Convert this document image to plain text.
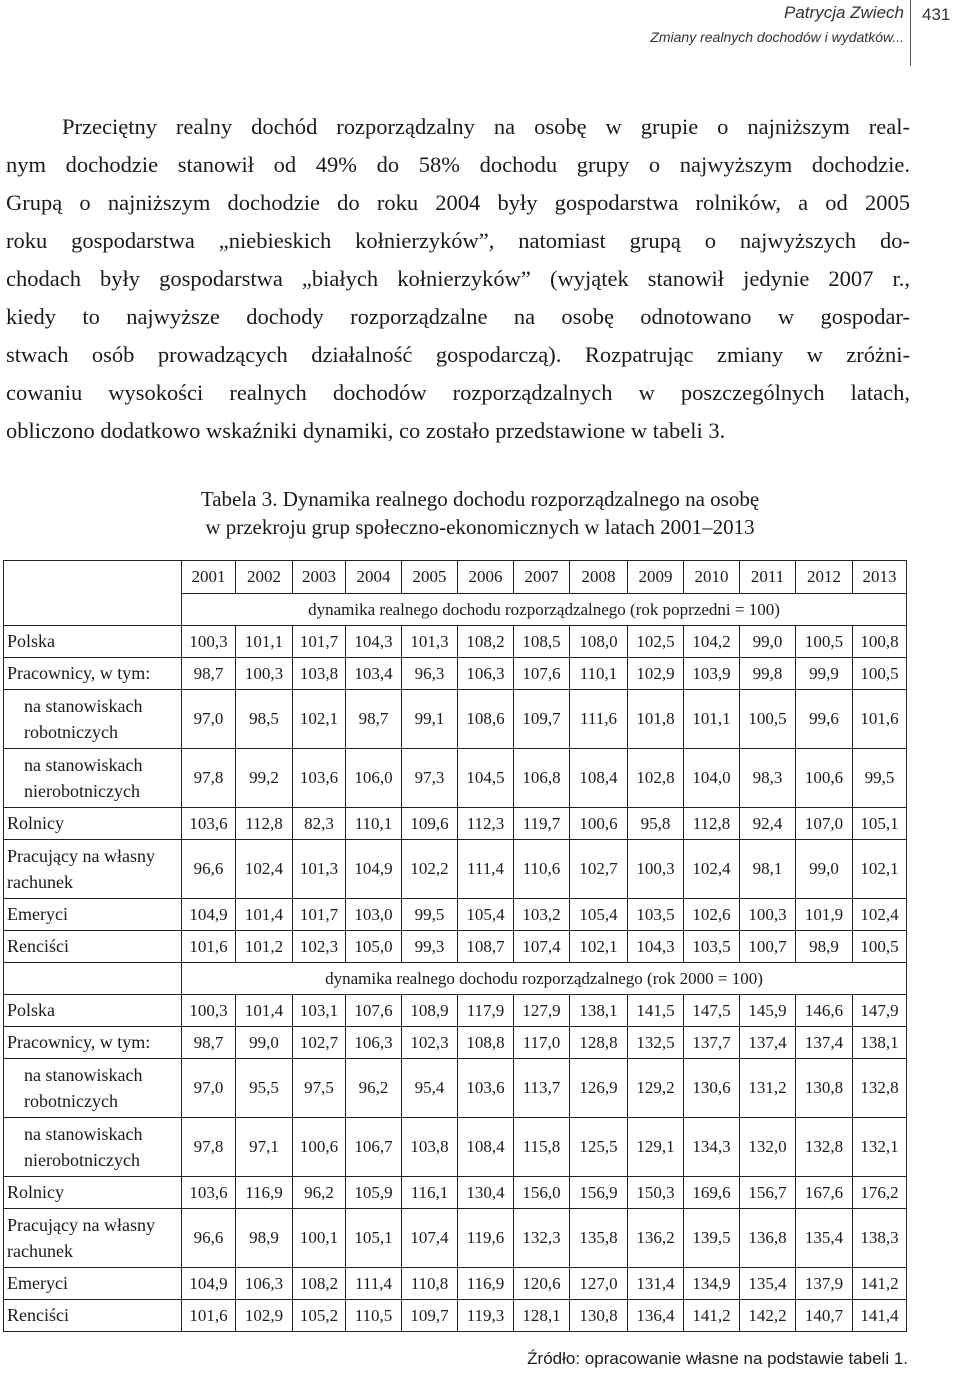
Patrycja Zwiech
Zmiany realnych dochodów i wydatków...
431
Przeciętny realny dochód rozporządzalny na osobę w grupie o najniższym real-
nym dochodzie stanowił od 49% do 58% dochodu grupy o najwyższym dochodzie.
Grupą o najniższym dochodzie do roku 2004 były gospodarstwa rolników, a od 2005
roku gospodarstwa „niebieskich kołnierzyków”, natomiast grupą o najwyższych do-
chodach były gospodarstwa „białych kołnierzyków” (wyjątek stanowił jedynie 2007 r.,
kiedy to najwyższe dochody rozporządzalne na osobę odnotowano w gospodar-
stwach osób prowadzących działalność gospodarczą). Rozpatrując zmiany w zróżni-
cowaniu wysokości realnych dochodów rozporządzalnych w poszczególnych latach,
obliczono dodatkowo wskaźniki dynamiki, co zostało przedstawione w tabeli 3.
Tabela 3. Dynamika realnego dochodu rozporządzalnego na osobę
w przekroju grup społeczno-ekonomicznych w latach 2001–2013
	2001	2002	2003	2004	2005	2006	2007	2008	2009	2010	2011	2012	2013
	dynamika realnego dochodu rozporządzalnego (rok poprzedni = 100)												
Polska	100,3	101,1	101,7	104,3	101,3	108,2	108,5	108,0	102,5	104,2	99,0	100,5	100,8
Pracownicy, w tym:	98,7	100,3	103,8	103,4	96,3	106,3	107,6	110,1	102,9	103,9	99,8	99,9	100,5
na stanowiskach robotniczych	97,0	98,5	102,1	98,7	99,1	108,6	109,7	111,6	101,8	101,1	100,5	99,6	101,6
na stanowiskach nierobotniczych	97,8	99,2	103,6	106,0	97,3	104,5	106,8	108,4	102,8	104,0	98,3	100,6	99,5
Rolnicy	103,6	112,8	82,3	110,1	109,6	112,3	119,7	100,6	95,8	112,8	92,4	107,0	105,1
Pracujący na własny rachunek	96,6	102,4	101,3	104,9	102,2	111,4	110,6	102,7	100,3	102,4	98,1	99,0	102,1
Emeryci	104,9	101,4	101,7	103,0	99,5	105,4	103,2	105,4	103,5	102,6	100,3	101,9	102,4
Renciści	101,6	101,2	102,3	105,0	99,3	108,7	107,4	102,1	104,3	103,5	100,7	98,9	100,5
	dynamika realnego dochodu rozporządzalnego (rok 2000 = 100)												
Polska	100,3	101,4	103,1	107,6	108,9	117,9	127,9	138,1	141,5	147,5	145,9	146,6	147,9
Pracownicy, w tym:	98,7	99,0	102,7	106,3	102,3	108,8	117,0	128,8	132,5	137,7	137,4	137,4	138,1
na stanowiskach robotniczych	97,0	95,5	97,5	96,2	95,4	103,6	113,7	126,9	129,2	130,6	131,2	130,8	132,8
na stanowiskach nierobotniczych	97,8	97,1	100,6	106,7	103,8	108,4	115,8	125,5	129,1	134,3	132,0	132,8	132,1
Rolnicy	103,6	116,9	96,2	105,9	116,1	130,4	156,0	156,9	150,3	169,6	156,7	167,6	176,2
Pracujący na własny rachunek	96,6	98,9	100,1	105,1	107,4	119,6	132,3	135,8	136,2	139,5	136,8	135,4	138,3
Emeryci	104,9	106,3	108,2	111,4	110,8	116,9	120,6	127,0	131,4	134,9	135,4	137,9	141,2
Renciści	101,6	102,9	105,2	110,5	109,7	119,3	128,1	130,8	136,4	141,2	142,2	140,7	141,4
Źródło: opracowanie własne na podstawie tabeli 1.
